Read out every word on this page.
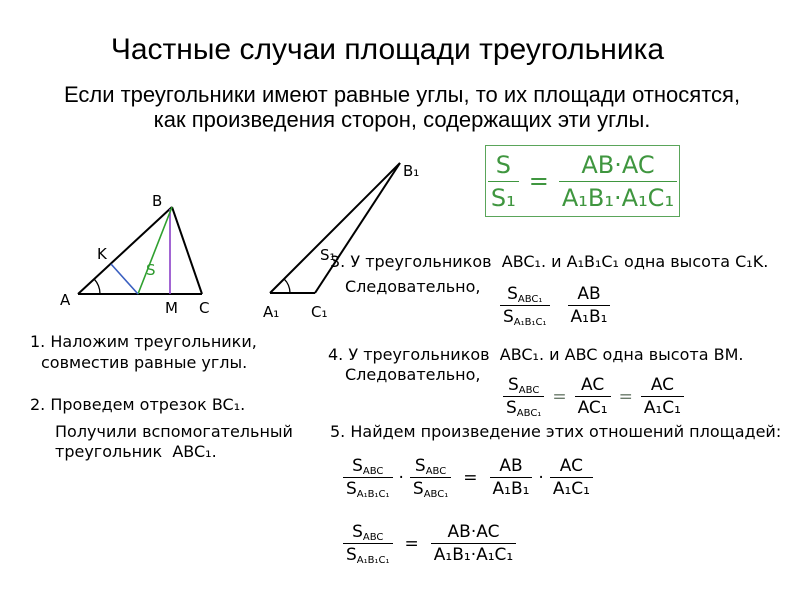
Частные случаи площади треугольника
Если треугольники имеют равные углы, то их площади относятся,
как произведения сторон, содержащих эти углы.
$\frac{S}{\text{S₁}} = \frac{AB\cdot AC}{\text{A₁B₁·A₁C₁}}$
B
K
S
A	M C
B₁
S₁
A₁ C₁
1. Наложим треугольники,
совместив равные углы.
2. Проведем отрезок BC₁.
Получили вспомогательный
треугольник  ABC₁.
3. У треугольников  ABC₁. и A₁B₁C₁ одна высота C₁K.
Следовательно,
4. У треугольников  ABC₁. и ABC одна высота BM.
Следовательно,
5. Найдем произведение этих отношений площадей:
$\frac{S_{ABC_1}}{S_{A_1B_1C_1}} \frac{AB}{\text{A₁B₁}}$
$\frac{S_{ABC}}{S_{ABC_1}} = \frac{AC}{\text{AC₁}} = \frac{AC}{\text{A₁C₁}}$
$\frac{S_{ABC}}{S_{A_1B_1C_1}} \cdot \frac{S_{ABC}}{S_{ABC_1}} = \frac{AB}{\text{A₁B₁}} \cdot \frac{AC}{\text{A₁C₁}}$
$\frac{S_{ABC}}{S_{A_1B_1C_1}} = \frac{AB\cdot AC}{\text{A₁B₁·A₁C₁}}$
